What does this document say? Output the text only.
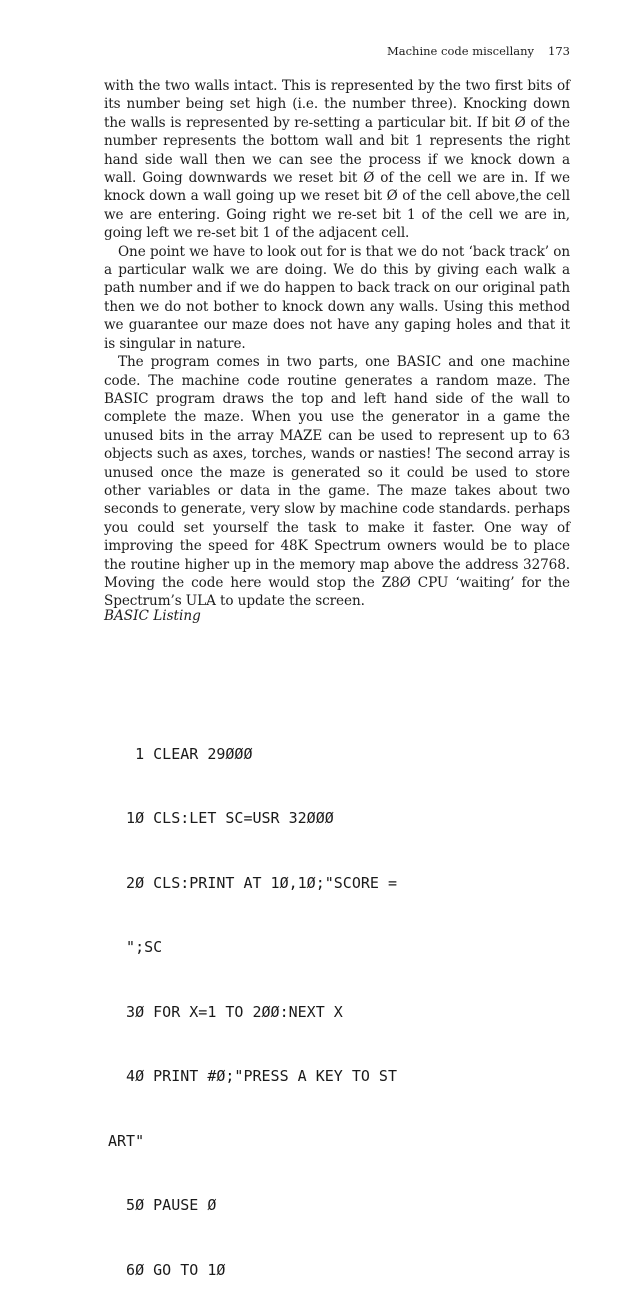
Machine code miscellany 173

with the two walls intact. This is represented by the two first bits of its number being set high (i.e. the number three). Knocking down the walls is represented by re-setting a particular bit. If bit Ø of the number represents the bottom wall and bit 1 represents the right hand side wall then we can see the process if we knock down a wall. Going downwards we reset bit Ø of the cell we are in. If we knock down a wall going up we reset bit Ø of the cell above,the cell we are entering. Going right we re-set bit 1 of the cell we are in, going left we re-set bit 1 of the adjacent cell.

One point we have to look out for is that we do not ‘back track’ on a particular walk we are doing. We do this by giving each walk a path number and if we do happen to back track on our original path then we do not bother to knock down any walls. Using this method we guarantee our maze does not have any gaping holes and that it is singular in nature.

The program comes in two parts, one BASIC and one machine code. The machine code routine generates a random maze. The BASIC program draws the top and left hand side of the wall to complete the maze. When you use the generator in a game the unused bits in the array MAZE can be used to represent up to 63 objects such as axes, torches, wands or nasties! The second array is unused once the maze is generated so it could be used to store other variables or data in the game. The maze takes about two seconds to generate, very slow by machine code standards. perhaps you could set yourself the task to make it faster. One way of improving the speed for 48K Spectrum owners would be to place the routine higher up in the memory map above the address 32768. Moving the code here would stop the Z8Ø CPU ‘waiting’ for the Spectrum’s ULA to update the screen.

BASIC Listing

1 CLEAR 29ØØØ

1Ø CLS:LET SC=USR 32ØØØ

2Ø CLS:PRINT AT 1Ø,1Ø;"SCORE =

";SC

3Ø FOR X=1 TO 2ØØ:NEXT X

4Ø PRINT #Ø;"PRESS A KEY TO ST

ART"

5Ø PAUSE Ø

6Ø GO TO 1Ø
